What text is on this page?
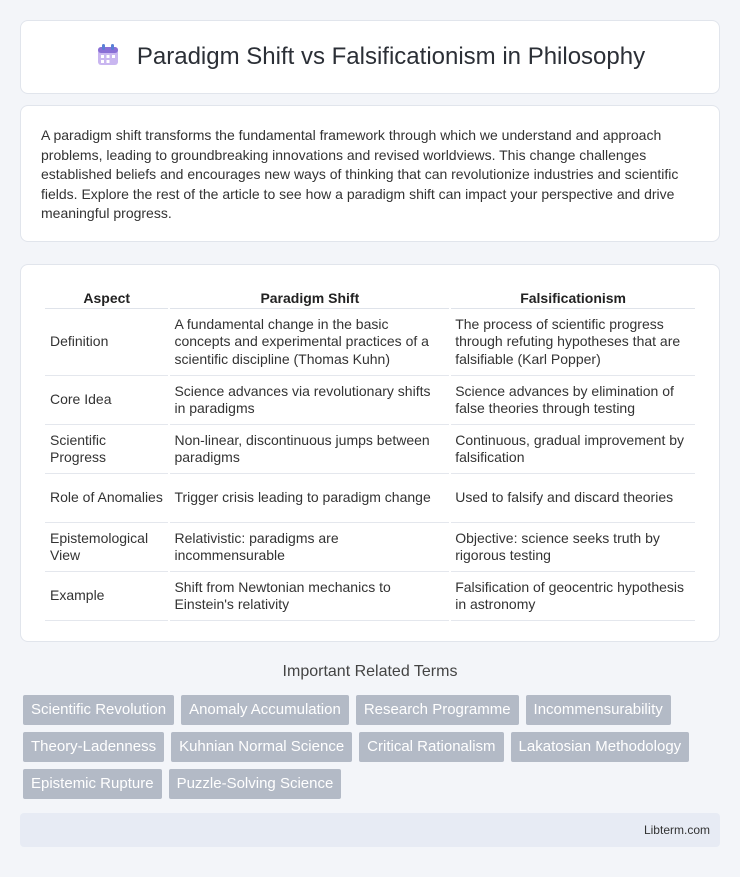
Paradigm Shift vs Falsificationism in Philosophy

A paradigm shift transforms the fundamental framework through which we understand and approach problems, leading to groundbreaking innovations and revised worldviews. This change challenges established beliefs and encourages new ways of thinking that can revolutionize industries and scientific fields. Explore the rest of the article to see how a paradigm shift can impact your perspective and drive meaningful progress.

Aspect	Paradigm Shift	Falsificationism
Definition	A fundamental change in the basic concepts and experimental practices of a scientific discipline (Thomas Kuhn)	The process of scientific progress through refuting hypotheses that are falsifiable (Karl Popper)
Core Idea	Science advances via revolutionary shifts in paradigms	Science advances by elimination of false theories through testing
Scientific Progress	Non-linear, discontinuous jumps between paradigms	Continuous, gradual improvement by falsification
Role of Anomalies	Trigger crisis leading to paradigm change	Used to falsify and discard theories
Epistemological View	Relativistic: paradigms are incommensurable	Objective: science seeks truth by rigorous testing
Example	Shift from Newtonian mechanics to Einstein's relativity	Falsification of geocentric hypothesis in astronomy
Important Related Terms
Scientific Revolution	Anomaly Accumulation	Research Programme	Incommensurability
Theory-Ladenness	Kuhnian Normal Science	Critical Rationalism	Lakatosian Methodology
Epistemic Rupture	Puzzle-Solving Science
Libterm.com
